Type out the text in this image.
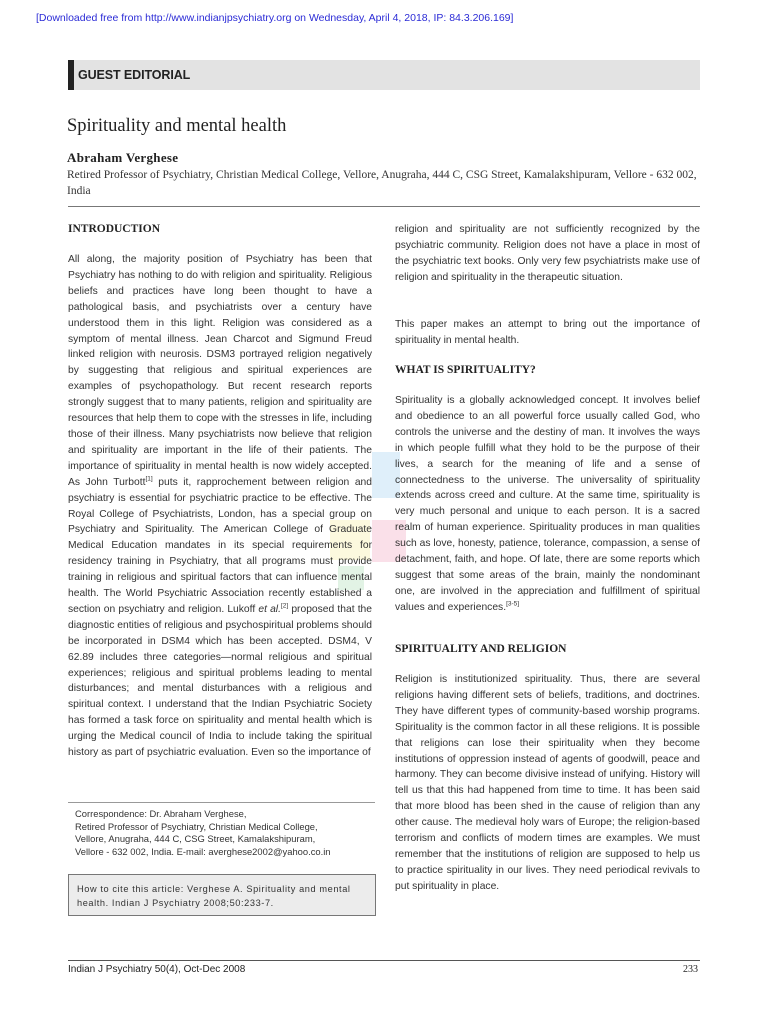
[Downloaded free from http://www.indianjpsychiatry.org on Wednesday, April 4, 2018, IP: 84.3.206.169]
GUEST EDITORIAL
Spirituality and mental health
Abraham Verghese
Retired Professor of Psychiatry, Christian Medical College, Vellore, Anugraha, 444 C, CSG Street, Kamalakshipuram, Vellore - 632 002, India
INTRODUCTION

All along, the majority position of Psychiatry has been that Psychiatry has nothing to do with religion and spirituality. Religious beliefs and practices have long been thought to have a pathological basis, and psychiatrists over a century have understood them in this light. Religion was considered as a symptom of mental illness. Jean Charcot and Sigmund Freud linked religion with neurosis. DSM3 portrayed religion negatively by suggesting that religious and spiritual experiences are examples of psychopathology. But recent research reports strongly suggest that to many patients, religion and spirituality are resources that help them to cope with the stresses in life, including those of their illness. Many psychiatrists now believe that religion and spirituality are important in the life of their patients. The importance of spirituality in mental health is now widely accepted. As John Turbott[1] puts it, rapprochement between religion and psychiatry is essential for psychiatric practice to be effective. The Royal College of Psychiatrists, London, has a special group on Psychiatry and Spirituality. The American College of Graduate Medical Education mandates in its special requirements for residency training in Psychiatry, that all programs must provide training in religious and spiritual factors that can influence mental health. The World Psychiatric Association recently established a section on psychiatry and religion. Lukoff et al.[2] proposed that the diagnostic entities of religious and psychospiritual problems should be incorporated in DSM4 which has been accepted. DSM4, V 62.89 includes three categories—normal religious and spiritual experiences; religious and spiritual problems leading to mental disturbances; and mental disturbances with a religious and spiritual context. I understand that the Indian Psychiatric Society has formed a task force on spirituality and mental health which is urging the Medical council of India to include taking the spiritual history as part of psychiatric evaluation. Even so the importance of

Correspondence: Dr. Abraham Verghese,
Retired Professor of Psychiatry, Christian Medical College,
Vellore, Anugraha, 444 C, CSG Street, Kamalakshipuram,
Vellore - 632 002, India. E-mail: averghese2002@yahoo.co.in

How to cite this article: Verghese A. Spirituality and mental health. Indian J Psychiatry 2008;50:233-7.

religion and spirituality are not sufficiently recognized by the psychiatric community. Religion does not have a place in most of the psychiatric text books. Only very few psychiatrists make use of religion and spirituality in the therapeutic situation.

This paper makes an attempt to bring out the importance of spirituality in mental health.

WHAT IS SPIRITUALITY?

Spirituality is a globally acknowledged concept. It involves belief and obedience to an all powerful force usually called God, who controls the universe and the destiny of man. It involves the ways in which people fulfill what they hold to be the purpose of their lives, a search for the meaning of life and a sense of connectedness to the universe. The universality of spirituality extends across creed and culture. At the same time, spirituality is very much personal and unique to each person. It is a sacred realm of human experience. Spirituality produces in man qualities such as love, honesty, patience, tolerance, compassion, a sense of detachment, faith, and hope. Of late, there are some reports which suggest that some areas of the brain, mainly the nondominant one, are involved in the appreciation and fulfillment of spiritual values and experiences.[3-5]

SPIRITUALITY AND RELIGION

Religion is institutionized spirituality. Thus, there are several religions having different sets of beliefs, traditions, and doctrines. They have different types of community-based worship programs. Spirituality is the common factor in all these religions. It is possible that religions can lose their spirituality when they become institutions of oppression instead of agents of goodwill, peace and harmony. They can become divisive instead of unifying. History will tell us that this had happened from time to time. It has been said that more blood has been shed in the cause of religion than any other cause. The medieval holy wars of Europe; the religion-based terrorism and conflicts of modern times are examples. We must remember that the institutions of religion are supposed to help us to practice spirituality in our lives. They need periodical revivals to put spirituality in place.

Indian J Psychiatry 50(4), Oct-Dec 2008	233
